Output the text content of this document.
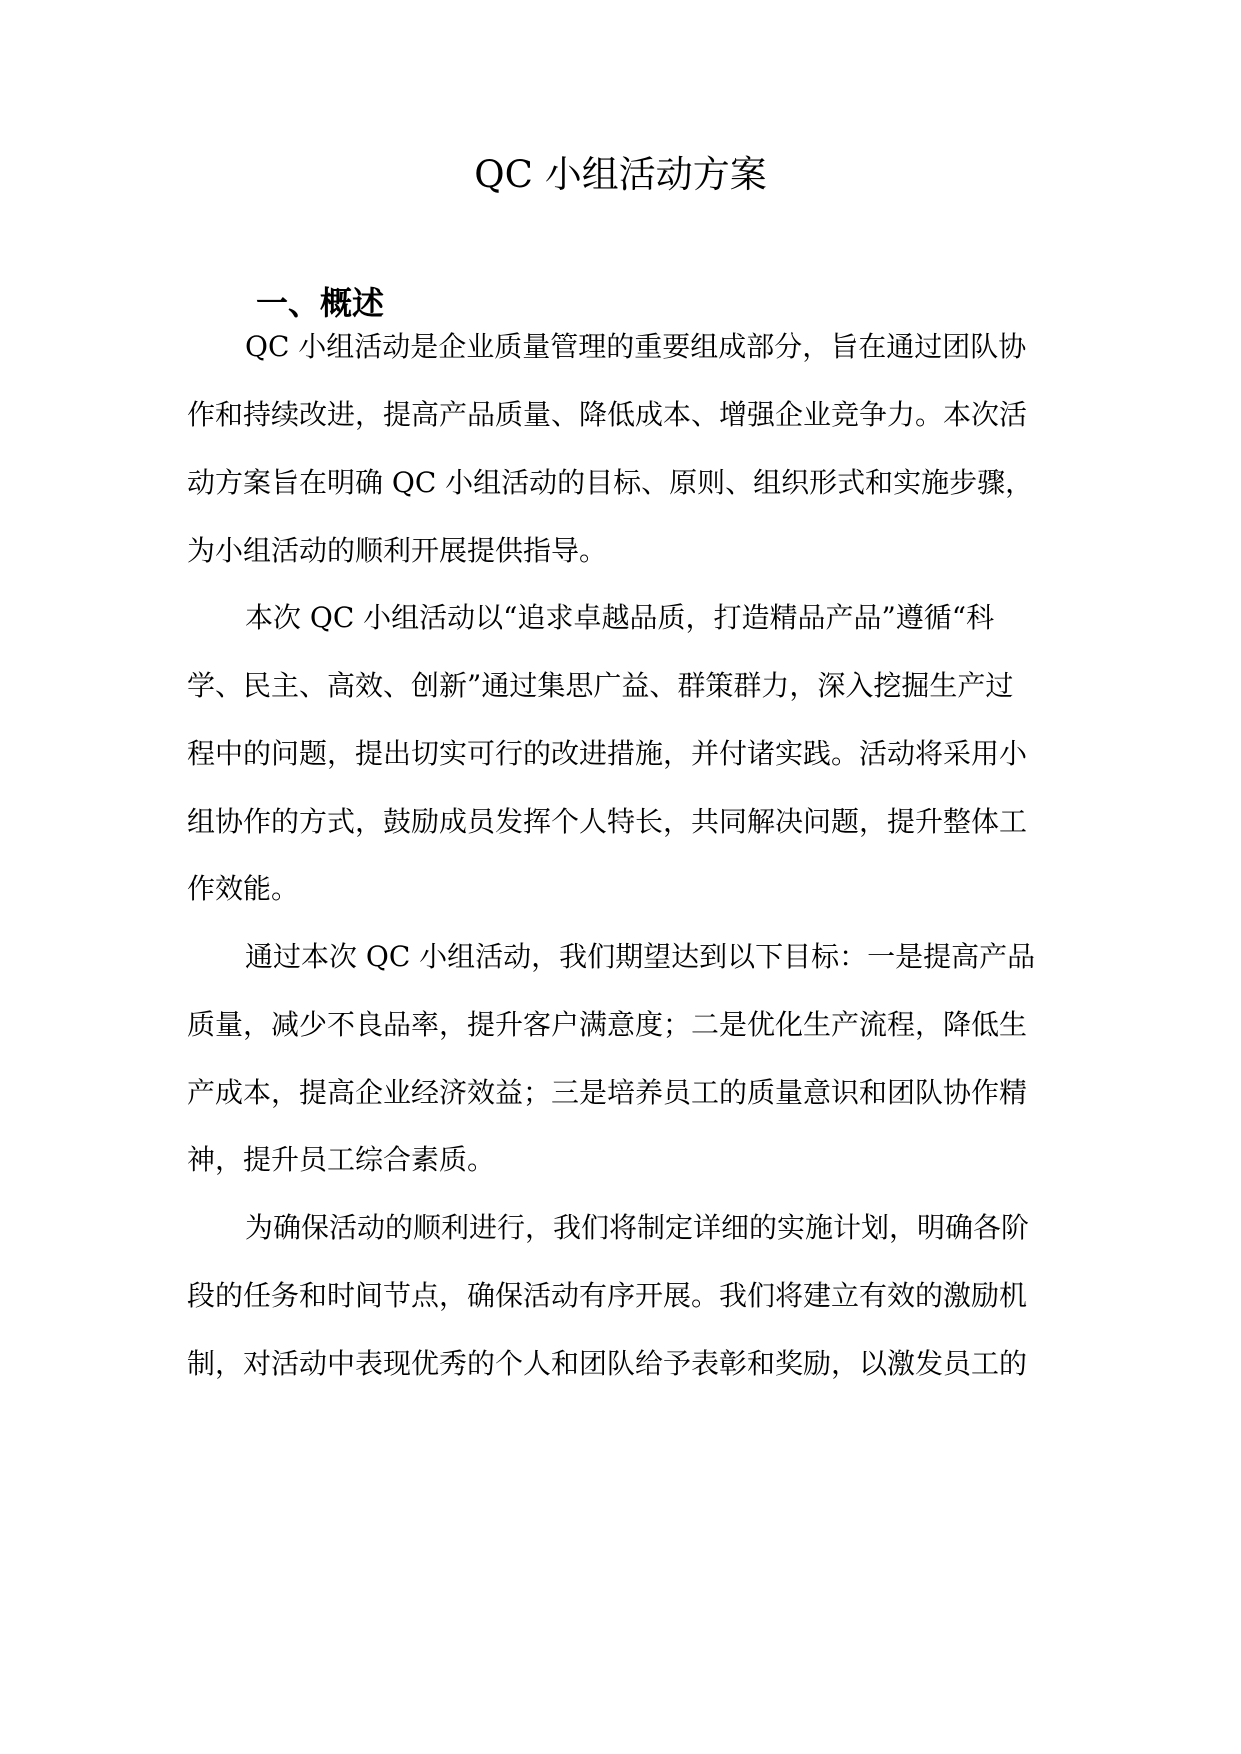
QC 小组活动方案
一、概述
QC 小组活动是企业质量管理的重要组成部分，旨在通过团队协
作和持续改进，提高产品质量、降低成本、增强企业竞争力。本次活
动方案旨在明确 QC 小组活动的目标、原则、组织形式和实施步骤，
为小组活动的顺利开展提供指导。
本次 QC 小组活动以“追求卓越品质，打造精品产品”遵循“科
学、民主、高效、创新”通过集思广益、群策群力，深入挖掘生产过
程中的问题，提出切实可行的改进措施，并付诸实践。活动将采用小
组协作的方式，鼓励成员发挥个人特长，共同解决问题，提升整体工
作效能。
通过本次 QC 小组活动，我们期望达到以下目标：一是提高产品
质量，减少不良品率，提升客户满意度；二是优化生产流程，降低生
产成本，提高企业经济效益；三是培养员工的质量意识和团队协作精
神，提升员工综合素质。
为确保活动的顺利进行，我们将制定详细的实施计划，明确各阶
段的任务和时间节点，确保活动有序开展。我们将建立有效的激励机
制，对活动中表现优秀的个人和团队给予表彰和奖励，以激发员工的
